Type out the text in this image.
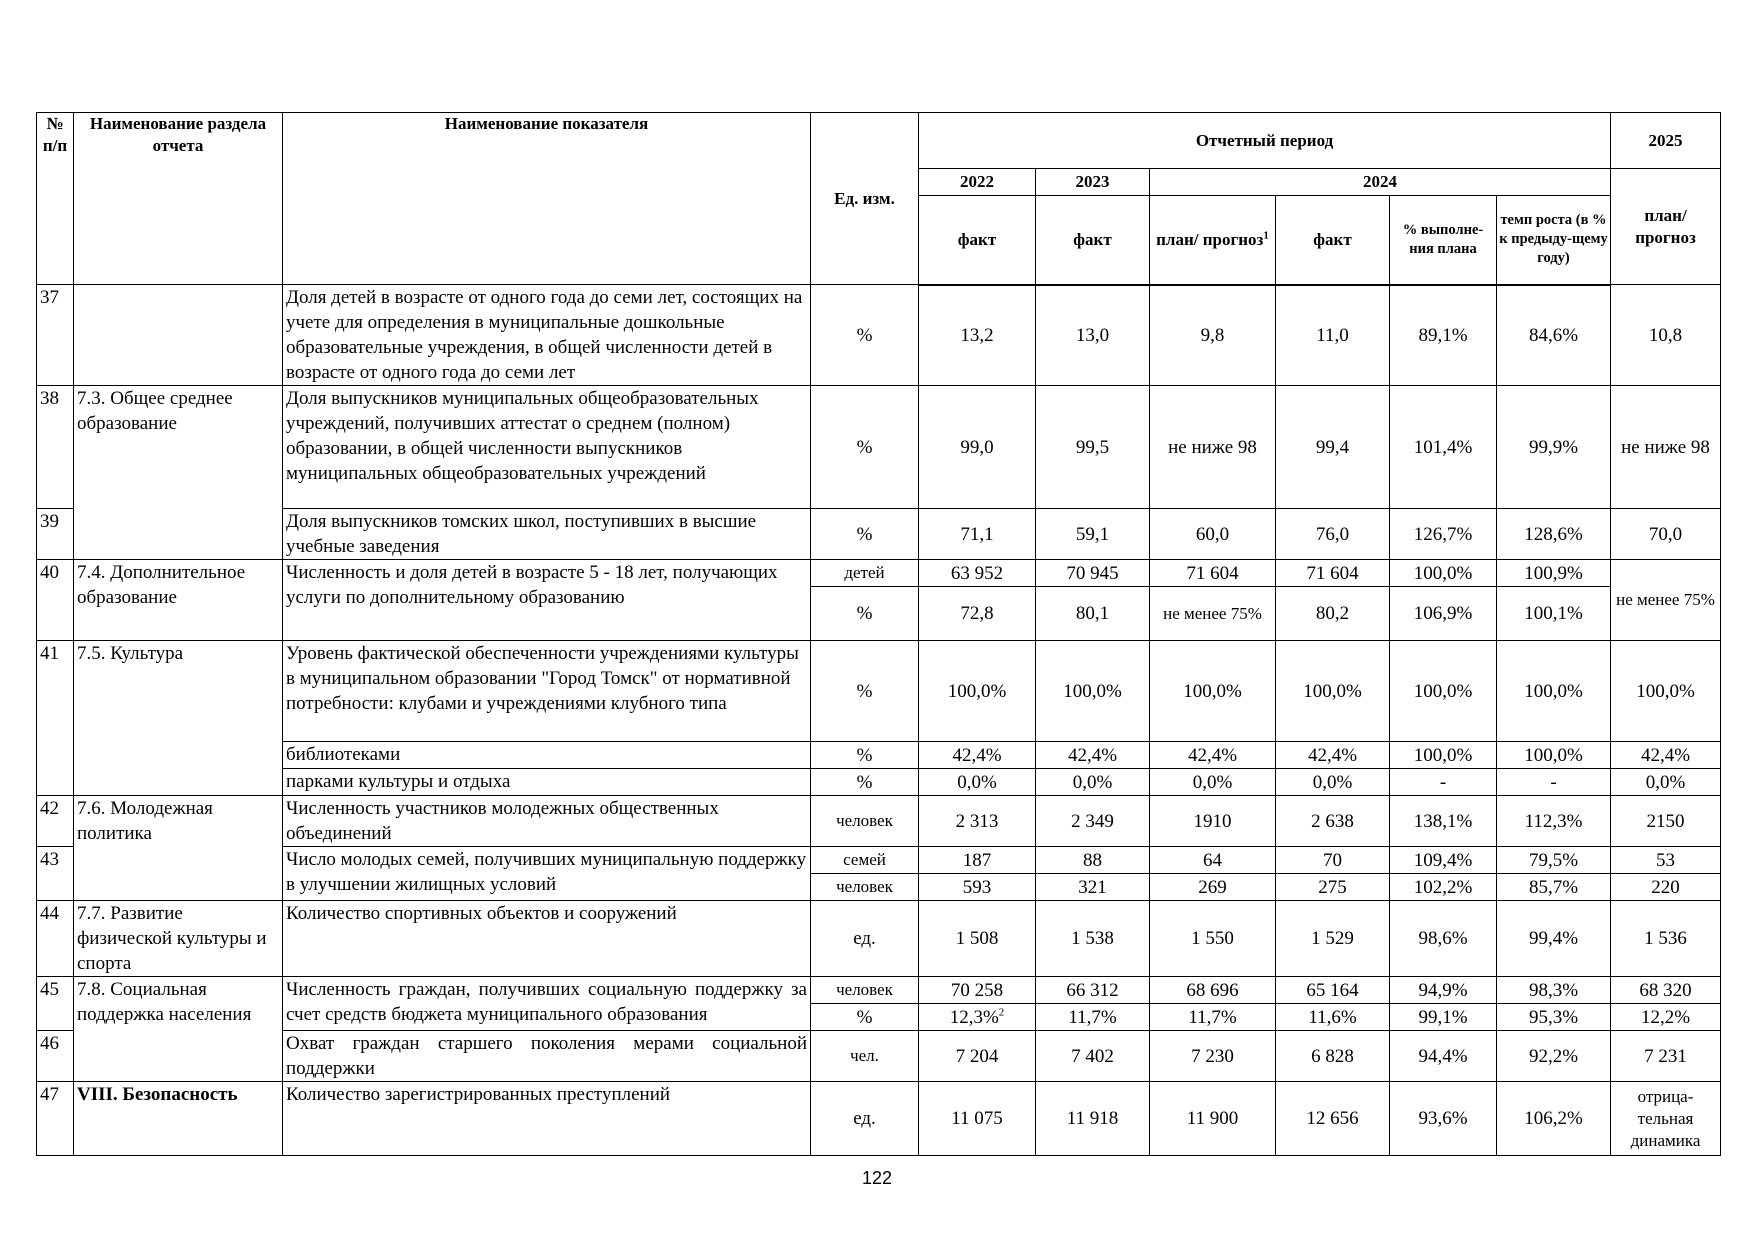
№ п/п	Наименование раздела отчета	Наименование показателя	Ед. изм.	Отчетный период						2025
				2022	2023	2024				план/ прогноз
				факт	факт	план/ прогноз$^1$	факт	% выполне-ния плана	темп роста (в % к предыду-щему году)	
37		Доля детей в возрасте от одного года до семи лет, состоящих на учете для определения в муниципальные дошкольные образовательные учреждения, в общей численности детей в возрасте от одного года до семи лет	%	13,2	13,0	9,8	11,0	89,1%	84,6%	10,8
38	7.3. Общее среднее образование	Доля выпускников муниципальных общеобразовательных учреждений, получивших аттестат о среднем (полном) образовании, в общей численности выпускников муниципальных общеобразовательных учреждений	%	99,0	99,5	не ниже 98	99,4	101,4%	99,9%	не ниже 98
39		Доля выпускников томских школ, поступивших в высшие учебные заведения	%	71,1	59,1	60,0	76,0	126,7%	128,6%	70,0
40	7.4. Дополнительное образование	Численность и доля детей в возрасте 5 - 18 лет, получающих услуги по дополнительному образованию	детей	63 952	70 945	71 604	71 604	100,0%	100,9%	не менее 75%
			%	72,8	80,1	не менее 75%	80,2	106,9%	100,1%	
41	7.5. Культура	Уровень фактической обеспеченности учреждениями культуры в муниципальном образовании "Город Томск" от нормативной потребности: клубами и учреждениями клубного типа	%	100,0%	100,0%	100,0%	100,0%	100,0%	100,0%	100,0%
		библиотеками	%	42,4%	42,4%	42,4%	42,4%	100,0%	100,0%	42,4%
		парками культуры и отдыха	%	0,0%	0,0%	0,0%	0,0%	-	-	0,0%
42	7.6. Молодежная политика	Численность участников молодежных общественных объединений	человек	2 313	2 349	1910	2 638	138,1%	112,3%	2150
43		Число молодых семей, получивших муниципальную поддержку в улучшении жилищных условий	семей	187	88	64	70	109,4%	79,5%	53
			человек	593	321	269	275	102,2%	85,7%	220
44	7.7. Развитие физической культуры и спорта	Количество спортивных объектов и сооружений	ед.	1 508	1 538	1 550	1 529	98,6%	99,4%	1 536
45	7.8. Социальная поддержка населения	Численность граждан, получивших социальную поддержку за счет средств бюджета муниципального образования	человек	70 258	66 312	68 696	65 164	94,9%	98,3%	68 320
			%	12,3%$^2$	11,7%	11,7%	11,6%	99,1%	95,3%	12,2%
46		Охват граждан старшего поколения мерами социальной поддержки	чел.	7 204	7 402	7 230	6 828	94,4%	92,2%	7 231
47	VIII. Безопасность	Количество зарегистрированных преступлений	ед.	11 075	11 918	11 900	12 656	93,6%	106,2%	отрица-тельная динамика
122
